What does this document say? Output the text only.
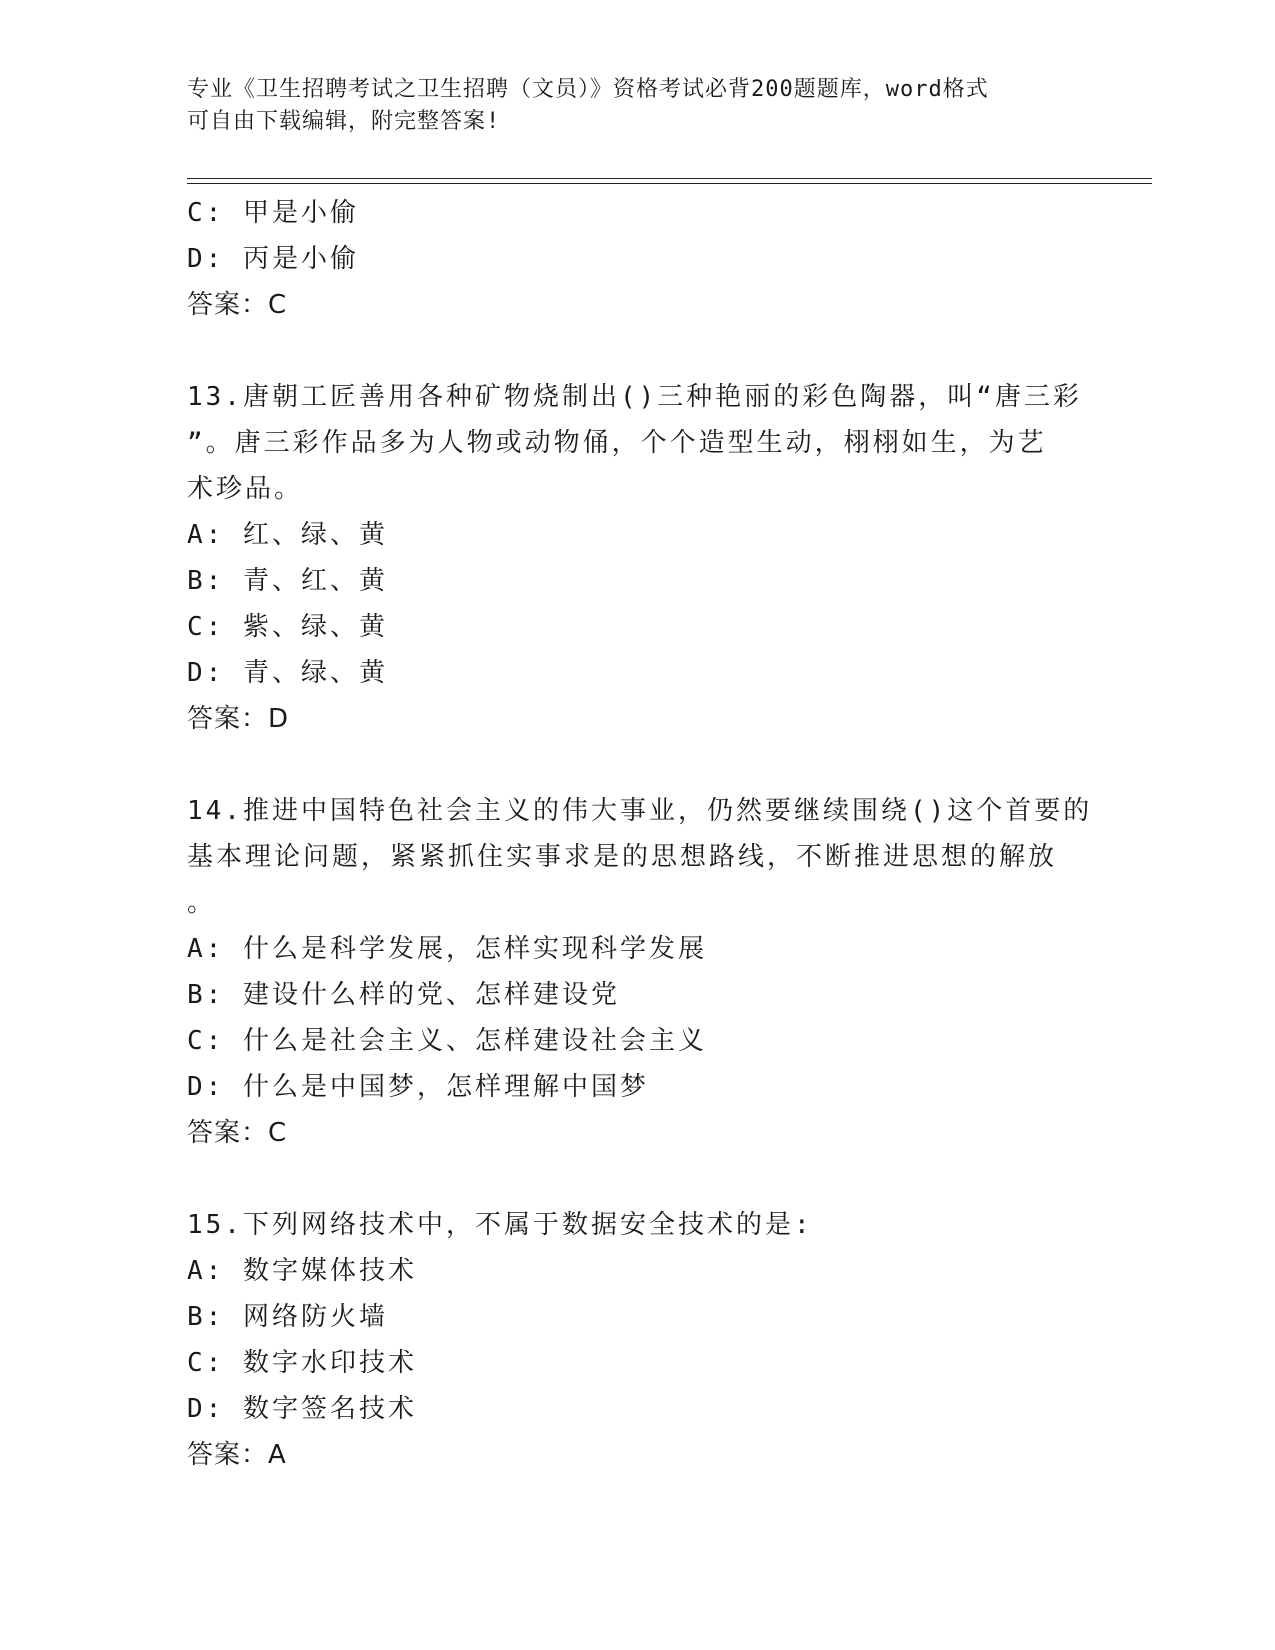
专业《卫生招聘考试之卫生招聘（文员）》资格考试必背200题题库，word格式
可自由下载编辑，附完整答案!
C: 甲是小偷
D: 丙是小偷
答案：C
13.唐朝工匠善用各种矿物烧制出()三种艳丽的彩色陶器，叫“唐三彩
”。唐三彩作品多为人物或动物俑，个个造型生动，栩栩如生，为艺
术珍品。
A: 红、绿、黄
B: 青、红、黄
C: 紫、绿、黄
D: 青、绿、黄
答案：D
14.推进中国特色社会主义的伟大事业，仍然要继续围绕()这个首要的
基本理论问题，紧紧抓住实事求是的思想路线，不断推进思想的解放
。
A: 什么是科学发展，怎样实现科学发展
B: 建设什么样的党、怎样建设党
C: 什么是社会主义、怎样建设社会主义
D: 什么是中国梦，怎样理解中国梦
答案：C
15.下列网络技术中，不属于数据安全技术的是:
A: 数字媒体技术
B: 网络防火墙
C: 数字水印技术
D: 数字签名技术
答案：A
